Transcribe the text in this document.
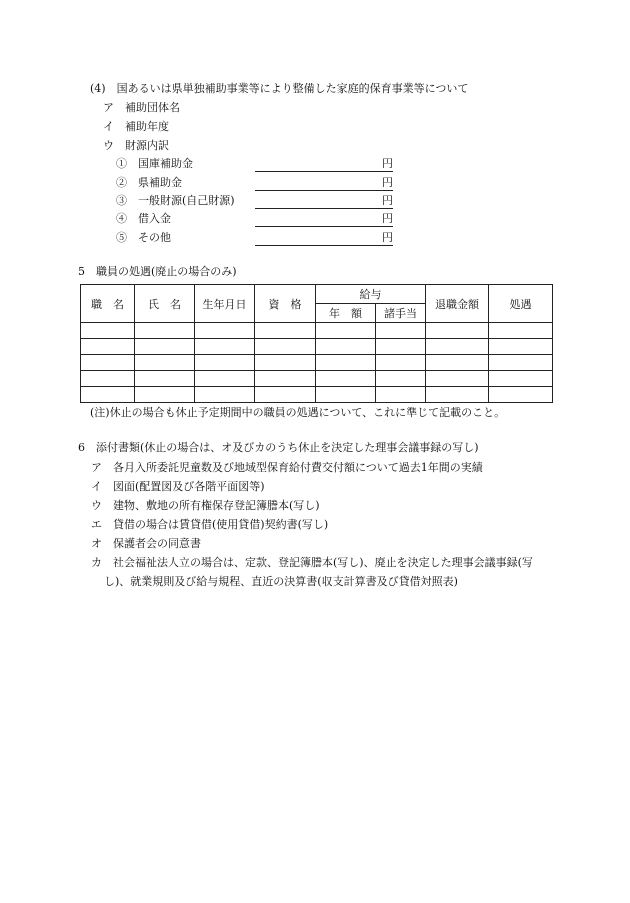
(4)　国あるいは県単独補助事業等により整備した家庭的保育事業等について
ア　補助団体名
イ　補助年度
ウ　財源内訳
①　国庫補助金	円
②　県補助金	円
③　一般財源(自己財源)	円
④　借入金	円
⑤　その他	円
5　職員の処遇(廃止の場合のみ)
職　名	氏　名	生年月日	資　格	給与		退職金額	処遇
				年　額	諸手当		

(注)休止の場合も休止予定期間中の職員の処遇について、これに準じて記載のこと。
6　添付書類(休止の場合は、オ及びカのうち休止を決定した理事会議事録の写し)
ア　各月入所委託児童数及び地域型保育給付費交付額について過去1年間の実績
イ　図面(配置図及び各階平面図等)
ウ　建物、敷地の所有権保存登記簿謄本(写し)
エ　貸借の場合は賃貸借(使用貸借)契約書(写し)
オ　保護者会の同意書
カ　社会福祉法人立の場合は、定款、登記簿謄本(写し)、廃止を決定した理事会議事録(写
し)、就業規則及び給与規程、直近の決算書(収支計算書及び貸借対照表)
